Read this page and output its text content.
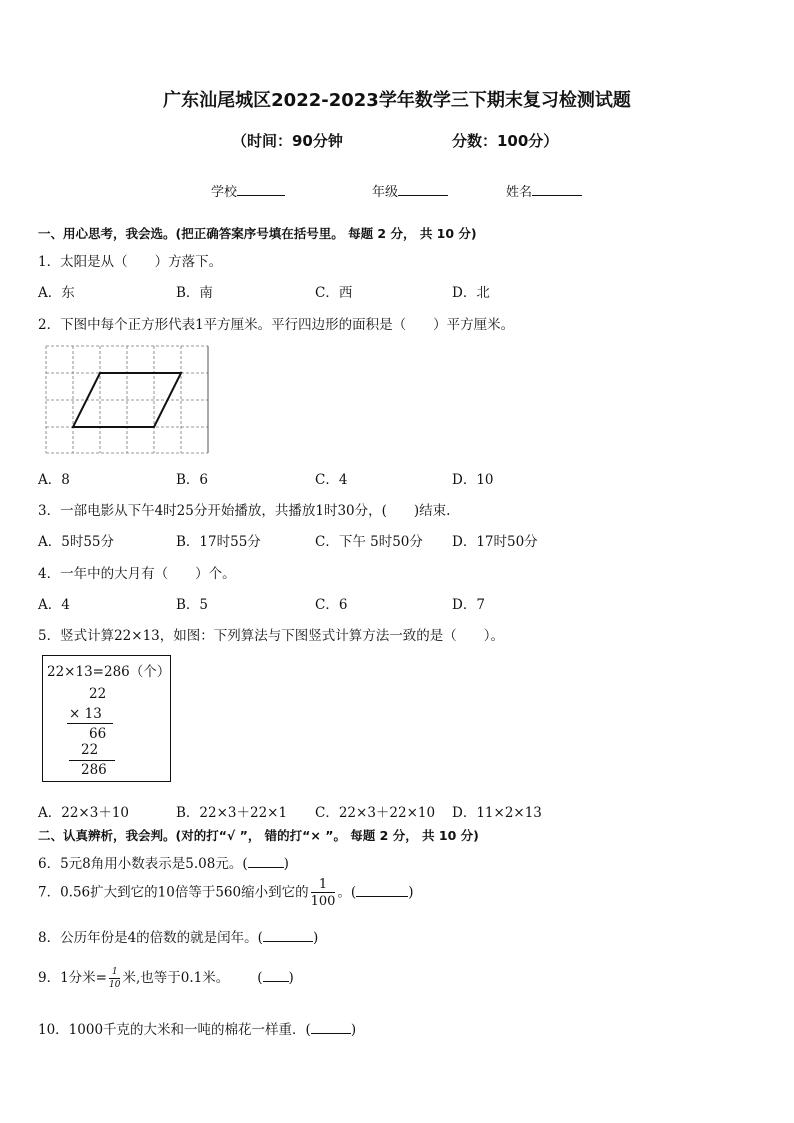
广东汕尾城区2022-2023学年数学三下期末复习检测试题
（时间：90分钟	分数：100分）
学校	年级	姓名
一、用心思考，我会选。(把正确答案序号填在括号里。 每题 2 分， 共 10 分)
1．太阳是从（　　）方落下。
A．东	B．南	C．西	D．北
2．下图中每个正方形代表1平方厘米。平行四边形的面积是（　　）平方厘米。
A．8	B．6	C．4	D．10
3．一部电影从下午4时25分开始播放，共播放1时30分，(　　)结束.
A．5时55分	B．17时55分	C．下午 5时50分 D．17时50分
4．一年中的大月有（　　）个。
A．4	B．5	C．6	D．7
5．竖式计算22×13，如图：下列算法与下图竖式计算方法一致的是（　　）。
22×13=286（个）
22
× 13
66
22
286
A．22×3＋10	B．22×3＋22×1 C．22×3＋22×10 D．11×2×13
二、认真辨析，我会判。(对的打“√ ”， 错的打“× ”。 每题 2 分， 共 10 分)
6．5元8角用小数表示是5.08元。(	)
7．0.56扩大到它的10倍等于560缩小到它的 $\frac{1}{100}$ 。(	)
8．公历年份是4的倍数的就是闰年。(	)
9．1分米= $\frac{1}{10}$ 米,也等于0.1米。 ( )
10．1000千克的大米和一吨的棉花一样重．(	)
